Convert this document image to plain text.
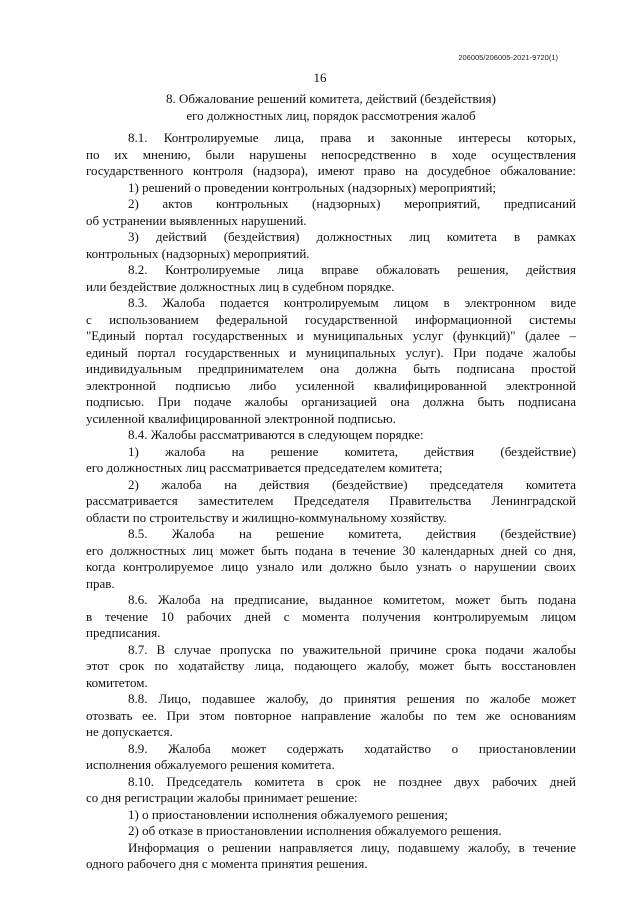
206005/206005-2021-9720(1)
16
8. Обжалование решений комитета, действий (бездействия)
его должностных лиц, порядок рассмотрения жалоб
8.1. Контролируемые лица, права и законные интересы которых,
по их мнению, были нарушены непосредственно в ходе осуществления
государственного контроля (надзора), имеют право на досудебное обжалование:
1) решений о проведении контрольных (надзорных) мероприятий;
2) актов контрольных (надзорных) мероприятий, предписаний
об устранении выявленных нарушений.
3) действий (бездействия) должностных лиц комитета в рамках
контрольных (надзорных) мероприятий.
8.2. Контролируемые лица вправе обжаловать решения, действия
или бездействие должностных лиц в судебном порядке.
8.3. Жалоба подается контролируемым лицом в электронном виде
с использованием федеральной государственной информационной системы
"Единый портал государственных и муниципальных услуг (функций)" (далее –
единый портал государственных и муниципальных услуг). При подаче жалобы
индивидуальным предпринимателем она должна быть подписана простой
электронной подписью либо усиленной квалифицированной электронной
подписью. При подаче жалобы организацией она должна быть подписана
усиленной квалифицированной электронной подписью.
8.4. Жалобы рассматриваются в следующем порядке:
1) жалоба на решение комитета, действия (бездействие)
его должностных лиц рассматривается председателем комитета;
2) жалоба на действия (бездействие) председателя комитета
рассматривается заместителем Председателя Правительства Ленинградской
области по строительству и жилищно-коммунальному хозяйству.
8.5. Жалоба на решение комитета, действия (бездействие)
его должностных лиц может быть подана в течение 30 календарных дней со дня,
когда контролируемое лицо узнало или должно было узнать о нарушении своих
прав.
8.6. Жалоба на предписание, выданное комитетом, может быть подана
в течение 10 рабочих дней с момента получения контролируемым лицом
предписания.
8.7. В случае пропуска по уважительной причине срока подачи жалобы
этот срок по ходатайству лица, подающего жалобу, может быть восстановлен
комитетом.
8.8. Лицо, подавшее жалобу, до принятия решения по жалобе может
отозвать ее. При этом повторное направление жалобы по тем же основаниям
не допускается.
8.9. Жалоба может содержать ходатайство о приостановлении
исполнения обжалуемого решения комитета.
8.10. Председатель комитета в срок не позднее двух рабочих дней
со дня регистрации жалобы принимает решение:
1) о приостановлении исполнения обжалуемого решения;
2) об отказе в приостановлении исполнения обжалуемого решения.
Информация о решении направляется лицу, подавшему жалобу, в течение
одного рабочего дня с момента принятия решения.
